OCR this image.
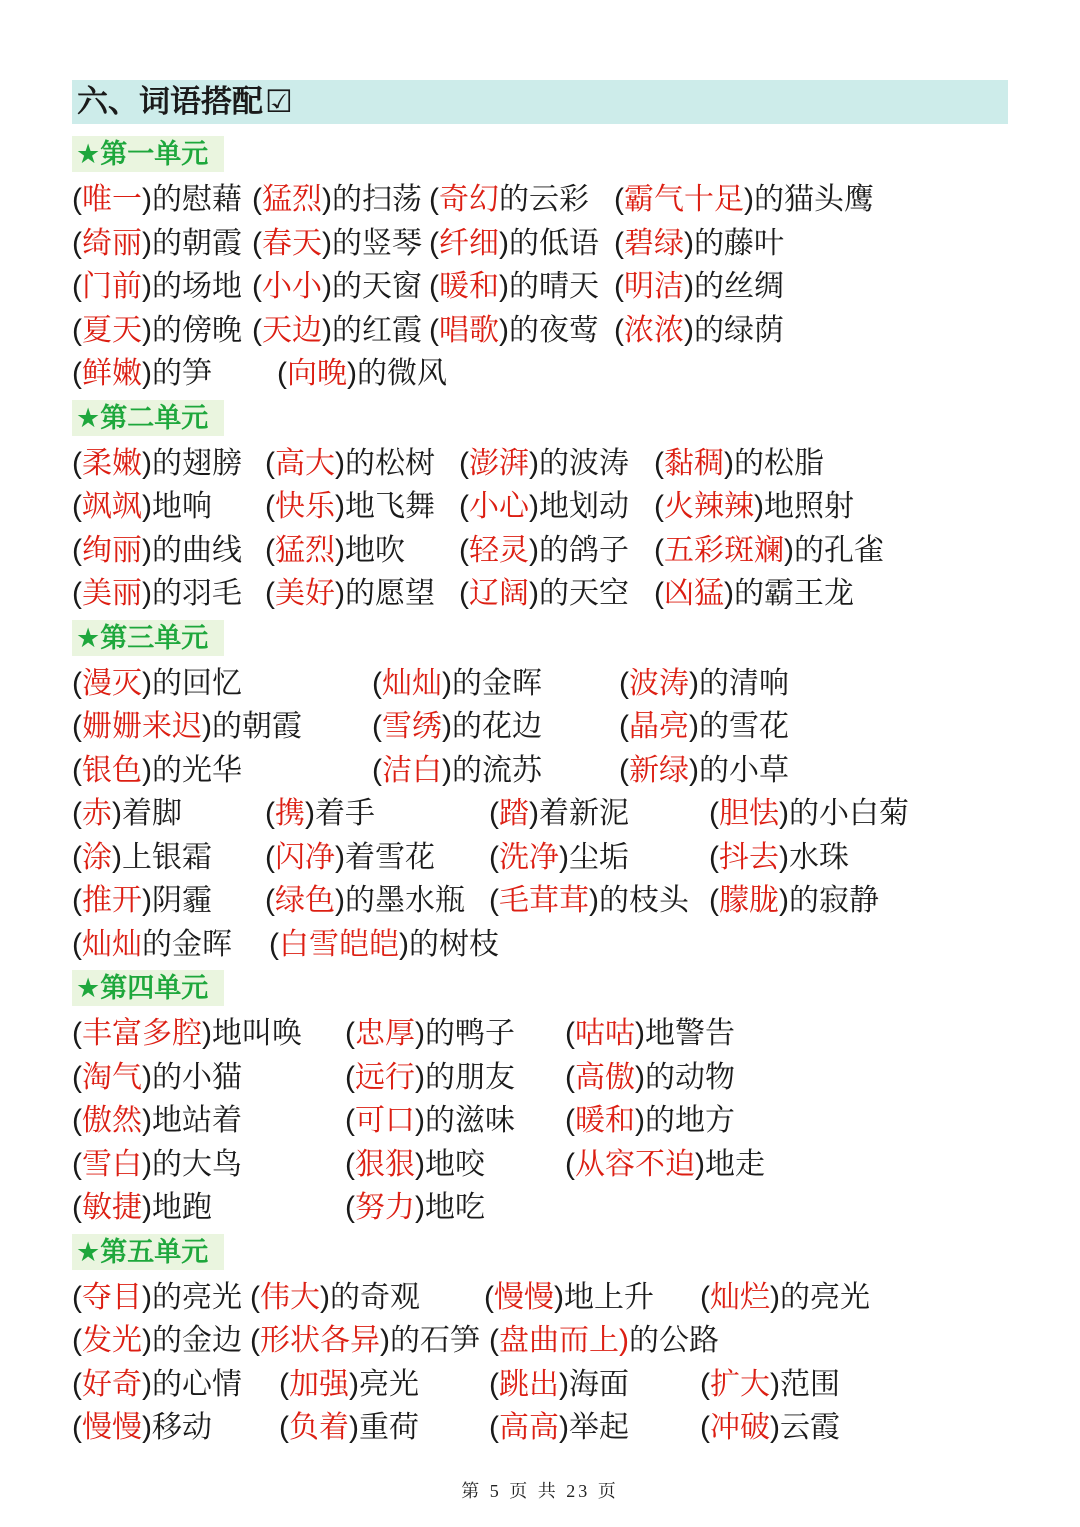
六、词语搭配☑
★第一单元
(唯一)的慰藉 (猛烈)的扫荡 (奇幻的云彩 (霸气十足)的猫头鹰
(绮丽)的朝霞 (春天)的竖琴 (纤细)的低语 (碧绿)的藤叶
(门前)的场地 (小小)的天窗 (暖和)的晴天 (明洁)的丝绸
(夏天)的傍晚 (天边)的红霞 (唱歌)的夜莺 (浓浓)的绿荫
(鲜嫩)的笋	(向晚)的微风
★第二单元
(柔嫩)的翅膀 (高大)的松树 (澎湃)的波涛 (黏稠)的松脂
(飒飒)地响	(快乐)地飞舞 (小心)地划动 (火辣辣)地照射
(绚丽)的曲线 (猛烈)地吹	(轻灵)的鸽子 (五彩斑斓)的孔雀
(美丽)的羽毛 (美好)的愿望 (辽阔)的天空 (凶猛)的霸王龙
★第三单元
(漫灭)的回忆	(灿灿)的金晖	(波涛)的清响
(姗姗来迟)的朝霞	(雪绣)的花边	(晶亮)的雪花
(银色)的光华	(洁白)的流苏	(新绿)的小草
(赤)着脚	(携)着手	(踏)着新泥	(胆怯)的小白菊
(涂)上银霜	(闪净)着雪花	(洗净)尘垢	(抖去)水珠
(推开)阴霾	(绿色)的墨水瓶 (毛茸茸)的枝头 (朦胧)的寂静
(灿灿的金晖	(白雪皑皑)的树枝
★第四单元
(丰富多腔)地叫唤	(忠厚)的鸭子	(咕咕)地警告
(淘气)的小猫	(远行)的朋友	(高傲)的动物
(傲然)地站着	(可口)的滋味	(暖和)的地方
(雪白)的大鸟	(狠狠)地咬	(从容不迫)地走
(敏捷)地跑	(努力)地吃
★第五单元
(夺目)的亮光 (伟大)的奇观	(慢慢)地上升	(灿烂)的亮光
(发光)的金边 (形状各异)的石笋 (盘曲而上)的公路
(好奇)的心情	(加强)亮光	(跳出)海面	(扩大)范围
(慢慢)移动	(负着)重荷	(高高)举起	(冲破)云霞
第 5 页 共 23 页
